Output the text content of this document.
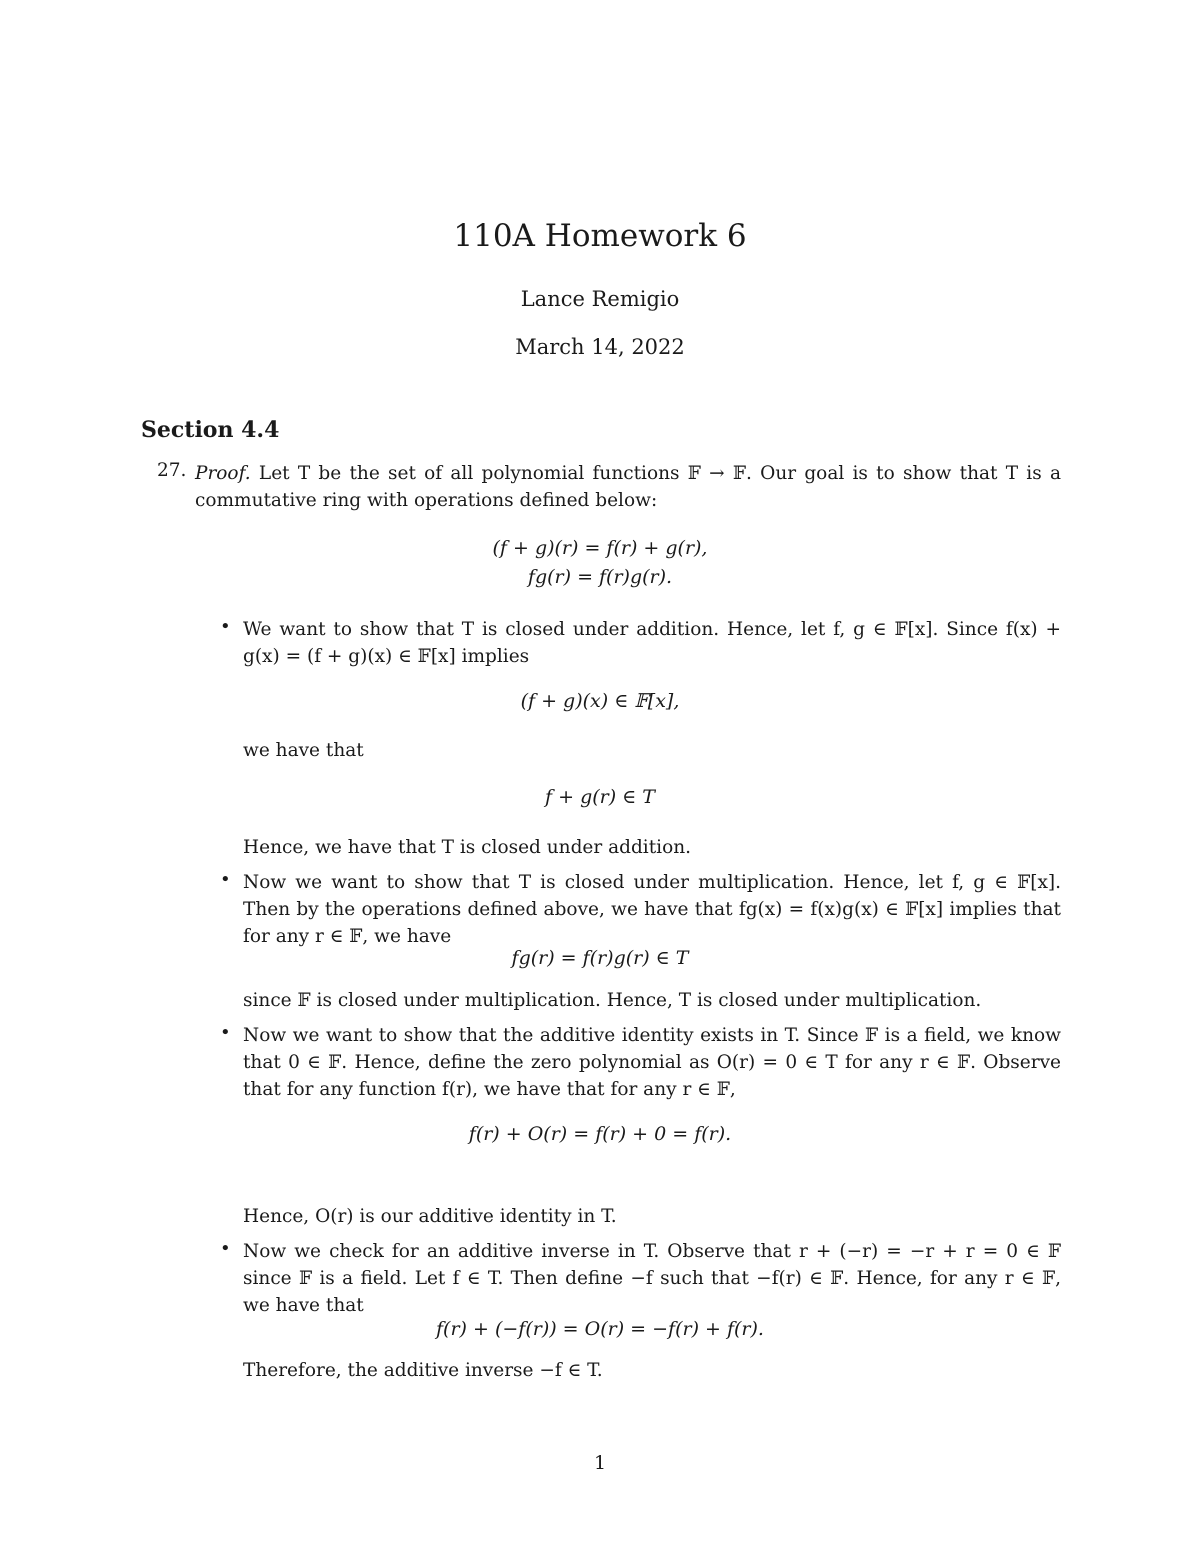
110A Homework 6
Lance Remigio
March 14, 2022
Section 4.4
27. Proof. Let T be the set of all polynomial functions 𝔽 → 𝔽. Our goal is to show that T is a commutative ring with operations defined below:
(f + g)(r) = f(r) + g(r),
fg(r) = f(r)g(r).
• We want to show that T is closed under addition. Hence, let f, g ∈ 𝔽[x]. Since f(x) + g(x) = (f + g)(x) ∈ 𝔽[x] implies
(f + g)(x) ∈ 𝔽[x],
we have that
f + g(r) ∈ T
Hence, we have that T is closed under addition.
• Now we want to show that T is closed under multiplication. Hence, let f, g ∈ 𝔽[x]. Then by the operations defined above, we have that fg(x) = f(x)g(x) ∈ 𝔽[x] implies that for any r ∈ 𝔽, we have
fg(r) = f(r)g(r) ∈ T
since 𝔽 is closed under multiplication. Hence, T is closed under multiplication.
• Now we want to show that the additive identity exists in T. Since 𝔽 is a field, we know that 0 ∈ 𝔽. Hence, define the zero polynomial as O(r) = 0 ∈ T for any r ∈ 𝔽. Observe that for any function f(r), we have that for any r ∈ 𝔽,
f(r) + O(r) = f(r) + 0 = f(r).
Hence, O(r) is our additive identity in T.
• Now we check for an additive inverse in T. Observe that r + (−r) = −r + r = 0 ∈ 𝔽 since 𝔽 is a field. Let f ∈ T. Then define −f such that −f(r) ∈ 𝔽. Hence, for any r ∈ 𝔽, we have that
f(r) + (−f(r)) = O(r) = −f(r) + f(r).
Therefore, the additive inverse −f ∈ T.
1
